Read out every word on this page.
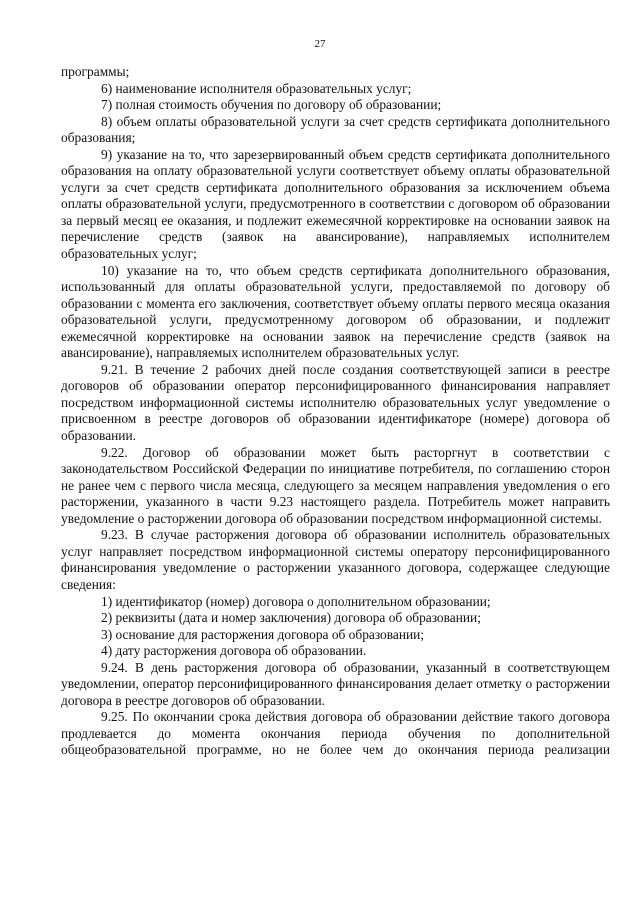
27

программы;

6) наименование исполнителя образовательных услуг;

7) полная стоимость обучения по договору об образовании;

8) объем оплаты образовательной услуги за счет средств сертификата дополнительного образования;

9) указание на то, что зарезервированный объем средств сертификата дополнительного образования на оплату образовательной услуги соответствует объему оплаты образовательной услуги за счет средств сертификата дополнительного образования за исключением объема оплаты образовательной услуги, предусмотренного в соответствии с договором об образовании за первый месяц ее оказания, и подлежит ежемесячной корректировке на основании заявок на перечисление средств (заявок на авансирование), направляемых исполнителем образовательных услуг;

10) указание на то, что объем средств сертификата дополнительного образования, использованный для оплаты образовательной услуги, предоставляемой по договору об образовании с момента его заключения, соответствует объему оплаты первого месяца оказания образовательной услуги, предусмотренному договором об образовании, и подлежит ежемесячной корректировке на основании заявок на перечисление средств (заявок на авансирование), направляемых исполнителем образовательных услуг.

9.21. В течение 2 рабочих дней после создания соответствующей записи в реестре договоров об образовании оператор персонифицированного финансирования направляет посредством информационной системы исполнителю образовательных услуг уведомление о присвоенном в реестре договоров об образовании идентификаторе (номере) договора об образовании.

9.22. Договор об образовании может быть расторгнут в соответствии с законодательством Российской Федерации по инициативе потребителя, по соглашению сторон не ранее чем с первого числа месяца, следующего за месяцем направления уведомления о его расторжении, указанного в части 9.23 настоящего раздела. Потребитель может направить уведомление о расторжении договора об образовании посредством информационной системы.

9.23. В случае расторжения договора об образовании исполнитель образовательных услуг направляет посредством информационной системы оператору персонифицированного финансирования уведомление о расторжении указанного договора, содержащее следующие сведения:

1) идентификатор (номер) договора о дополнительном образовании;

2) реквизиты (дата и номер заключения) договора об образовании;

3) основание для расторжения договора об образовании;

4) дату расторжения договора об образовании.

9.24. В день расторжения договора об образовании, указанный в соответствующем уведомлении, оператор персонифицированного финансирования делает отметку о расторжении договора в реестре договоров об образовании.

9.25. По окончании срока действия договора об образовании действие такого договора продлевается до момента окончания периода обучения по дополнительной общеобразовательной программе, но не более чем до окончания периода реализации
